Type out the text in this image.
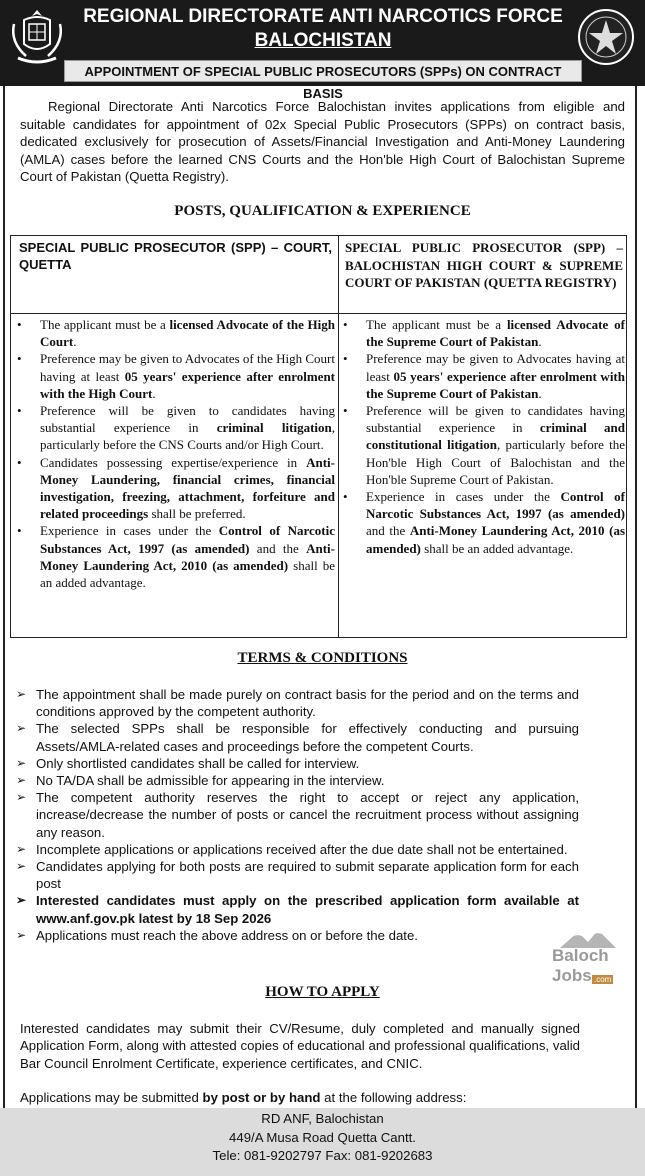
REGIONAL DIRECTORATE ANTI NARCOTICS FORCE
BALOCHISTAN
APPOINTMENT OF SPECIAL PUBLIC PROSECUTORS (SPPs) ON CONTRACT BASIS

Regional Directorate Anti Narcotics Force Balochistan invites applications from eligible and suitable candidates for appointment of 02x Special Public Prosecutors (SPPs) on contract basis, dedicated exclusively for prosecution of Assets/Financial Investigation and Anti-Money Laundering (AMLA) cases before the learned CNS Courts and the Hon'ble High Court of Balochistan Supreme Court of Pakistan (Quetta Registry).

POSTS, QUALIFICATION & EXPERIENCE
SPECIAL PUBLIC PROSECUTOR (SPP) – COURT, QUETTA
SPECIAL PUBLIC PROSECUTOR (SPP) – BALOCHISTAN HIGH COURT & SUPREME COURT OF PAKISTAN (QUETTA REGISTRY)
• The applicant must be a licensed Advocate of the High Court.
• Preference may be given to Advocates of the High Court having at least 05 years' experience after enrolment with the High Court.
• Preference will be given to candidates having substantial experience in criminal litigation, particularly before the CNS Courts and/or High Court.
• Candidates possessing expertise/experience in Anti-Money Laundering, financial crimes, financial investigation, freezing, attachment, forfeiture and related proceedings shall be preferred.
• Experience in cases under the Control of Narcotic Substances Act, 1997 (as amended) and the Anti-Money Laundering Act, 2010 (as amended) shall be an added advantage.
• The applicant must be a licensed Advocate of the Supreme Court of Pakistan.
• Preference may be given to Advocates having at least 05 years' experience after enrolment with the Supreme Court of Pakistan.
• Preference will be given to candidates having substantial experience in criminal and constitutional litigation, particularly before the Hon'ble High Court of Balochistan and the Hon'ble Supreme Court of Pakistan.
• Experience in cases under the Control of Narcotic Substances Act, 1997 (as amended) and the Anti-Money Laundering Act, 2010 (as amended) shall be an added advantage.
TERMS & CONDITIONS
➢ The appointment shall be made purely on contract basis for the period and on the terms and conditions approved by the competent authority.
➢ The selected SPPs shall be responsible for effectively conducting and pursuing Assets/AMLA-related cases and proceedings before the competent Courts.
➢ Only shortlisted candidates shall be called for interview.
➢ No TA/DA shall be admissible for appearing in the interview.
➢ The competent authority reserves the right to accept or reject any application, increase/decrease the number of posts or cancel the recruitment process without assigning any reason.
➢ Incomplete applications or applications received after the due date shall not be entertained.
➢ Candidates applying for both posts are required to submit separate application form for each post
➢ Interested candidates must apply on the prescribed application form available at www.anf.gov.pk latest by 18 Sep 2026
➢ Applications must reach the above address on or before the date.
Baloch
Jobs .com
HOW TO APPLY

Interested candidates may submit their CV/Resume, duly completed and manually signed Application Form, along with attested copies of educational and professional qualifications, valid Bar Council Enrolment Certificate, experience certificates, and CNIC.

Applications may be submitted by post or by hand at the following address:

RD ANF, Balochistan
449/A Musa Road Quetta Cantt.
Tele: 081-9202797 Fax: 081-9202683
